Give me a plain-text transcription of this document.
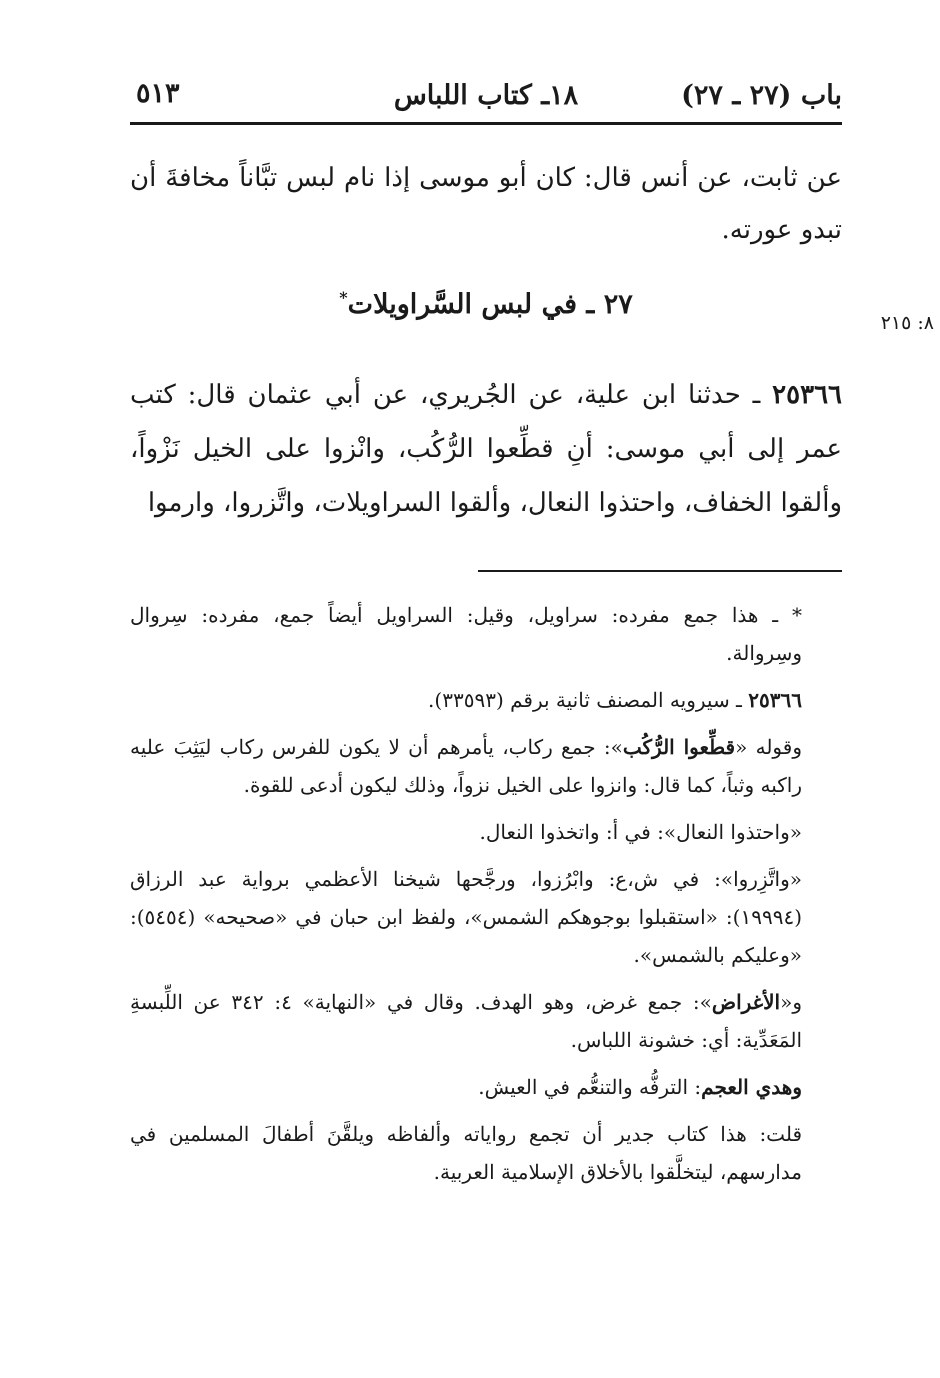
باب (٢٧ ـ ٢٧)
١٨ـ كتاب اللباس
٥١٣
عن ثابت، عن أنس قال: كان أبو موسى إذا نام لبس تبَّاناً مخافةَ أن تبدو عورته.
٢٧ ـ في لبس السَّراويلات*
٨: ٢١٥
٢٥٣٦٦ ـ حدثنا ابن علية، عن الجُريري، عن أبي عثمان قال: كتب عمر إلى أبي موسى: أنِ قطِّعوا الرُّكُب، وانْزوا على الخيل نَزْواً، وألقوا الخفاف، واحتذوا النعال، وألقوا السراويلات، واتَّزروا، وارموا

* ـ هذا جمع مفرده: سراويل، وقيل: السراويل أيضاً جمع، مفرده: سِروال وسِروالة.

٢٥٣٦٦ ـ سيرويه المصنف ثانية برقم (٣٣٥٩٣).

وقوله «قطِّعوا الرُّكُب»: جمع ركاب، يأمرهم أن لا يكون للفرس ركاب ليَثِبَ عليه راكبه وثباً، كما قال: وانزوا على الخيل نزواً، وذلك ليكون أدعى للقوة.

«واحتذوا النعال»: في أ: واتخذوا النعال.

«واتَّزِروا»: في ش،ع: وابْرُزوا، ورجَّحها شيخنا الأعظمي برواية عبد الرزاق (١٩٩٩٤): «استقبلوا بوجوهكم الشمس»، ولفظ ابن حبان في «صحيحه» (٥٤٥٤): «وعليكم بالشمس».

و«الأغراض»: جمع غرض، وهو الهدف. وقال في «النهاية» ٤: ٣٤٢ عن اللِّبسةِ المَعَدِّية: أي: خشونة اللباس.

وهدي العجم: الترفُّه والتنعُّم في العيش.

قلت: هذا كتاب جدير أن تجمع رواياته وألفاظه ويلقَّنَ أطفالَ المسلمين في مدارسهم، ليتخلَّقوا بالأخلاق الإسلامية العربية.
